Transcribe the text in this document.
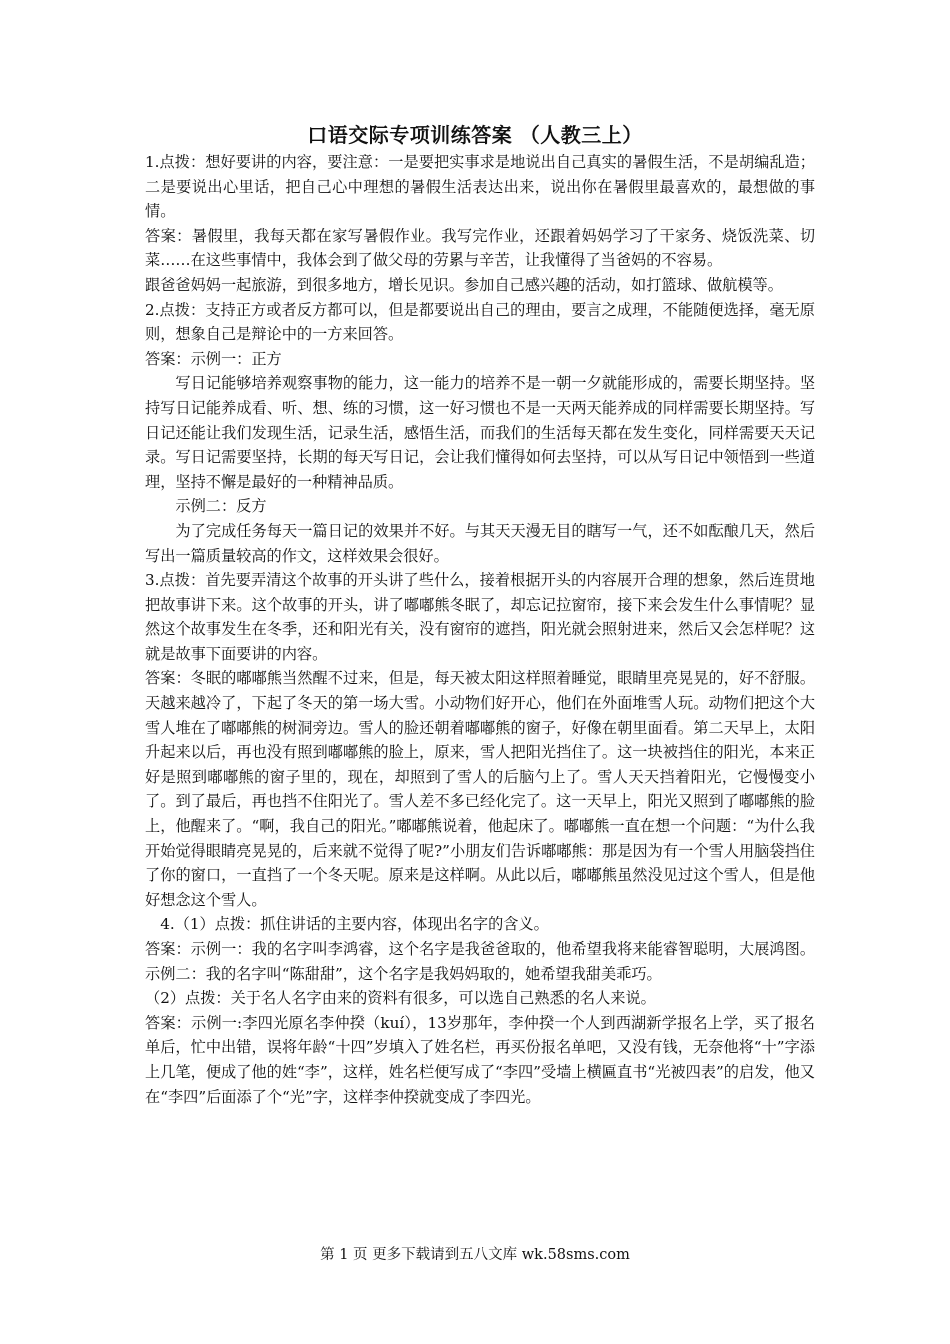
口语交际专项训练答案 （人教三上）

1.点拨：想好要讲的内容，要注意：一是要把实事求是地说出自己真实的暑假生活，不是胡编乱造；二是要说出心里话，把自己心中理想的暑假生活表达出来，说出你在暑假里最喜欢的，最想做的事情。

答案：暑假里，我每天都在家写暑假作业。我写完作业，还跟着妈妈学习了干家务、烧饭洗菜、切菜……在这些事情中，我体会到了做父母的劳累与辛苦，让我懂得了当爸妈的不容易。

跟爸爸妈妈一起旅游，到很多地方，增长见识。参加自己感兴趣的活动，如打篮球、做航模等。

2.点拨：支持正方或者反方都可以，但是都要说出自己的理由，要言之成理，不能随便选择，毫无原则，想象自己是辩论中的一方来回答。

答案：示例一：正方

写日记能够培养观察事物的能力，这一能力的培养不是一朝一夕就能形成的，需要长期坚持。坚持写日记能养成看、听、想、练的习惯，这一好习惯也不是一天两天能养成的同样需要长期坚持。写日记还能让我们发现生活，记录生活，感悟生活，而我们的生活每天都在发生变化，同样需要天天记录。写日记需要坚持，长期的每天写日记，会让我们懂得如何去坚持，可以从写日记中领悟到一些道理，坚持不懈是最好的一种精神品质。

示例二：反方

为了完成任务每天一篇日记的效果并不好。与其天天漫无目的瞎写一气，还不如酝酿几天，然后写出一篇质量较高的作文，这样效果会很好。

3.点拨：首先要弄清这个故事的开头讲了些什么，接着根据开头的内容展开合理的想象，然后连贯地把故事讲下来。这个故事的开头，讲了嘟嘟熊冬眠了，却忘记拉窗帘，接下来会发生什么事情呢？显然这个故事发生在冬季，还和阳光有关，没有窗帘的遮挡，阳光就会照射进来，然后又会怎样呢？这就是故事下面要讲的内容。

答案：冬眠的嘟嘟熊当然醒不过来，但是，每天被太阳这样照着睡觉，眼睛里亮晃晃的，好不舒服。天越来越冷了，下起了冬天的第一场大雪。小动物们好开心，他们在外面堆雪人玩。动物们把这个大雪人堆在了嘟嘟熊的树洞旁边。雪人的脸还朝着嘟嘟熊的窗子，好像在朝里面看。第二天早上，太阳升起来以后，再也没有照到嘟嘟熊的脸上，原来，雪人把阳光挡住了。这一块被挡住的阳光，本来正好是照到嘟嘟熊的窗子里的，现在，却照到了雪人的后脑勺上了。雪人天天挡着阳光，它慢慢变小了。到了最后，再也挡不住阳光了。雪人差不多已经化完了。这一天早上，阳光又照到了嘟嘟熊的脸上，他醒来了。“啊，我自己的阳光。”嘟嘟熊说着，他起床了。嘟嘟熊一直在想一个问题：“为什么我开始觉得眼睛亮晃晃的，后来就不觉得了呢?”小朋友们告诉嘟嘟熊：那是因为有一个雪人用脑袋挡住了你的窗口，一直挡了一个冬天呢。原来是这样啊。从此以后，嘟嘟熊虽然没见过这个雪人，但是他好想念这个雪人。

4.（1）点拨：抓住讲话的主要内容，体现出名字的含义。

答案：示例一：我的名字叫李鸿睿，这个名字是我爸爸取的，他希望我将来能睿智聪明，大展鸿图。示例二：我的名字叫“陈甜甜”，这个名字是我妈妈取的，她希望我甜美乖巧。

（2）点拨：关于名人名字由来的资料有很多，可以选自己熟悉的名人来说。

答案：示例一:李四光原名李仲揆（kuí），13岁那年，李仲揆一个人到西湖新学报名上学，买了报名单后，忙中出错，误将年龄“十四”岁填入了姓名栏，再买份报名单吧，又没有钱，无奈他将“十”字添上几笔，便成了他的姓“李”，这样，姓名栏便写成了“李四”受墙上横匾直书“光被四表”的启发，他又在“李四”后面添了个“光”字，这样李仲揆就变成了李四光。

第 1 页 更多下载请到五八文库 wk.58sms.com
